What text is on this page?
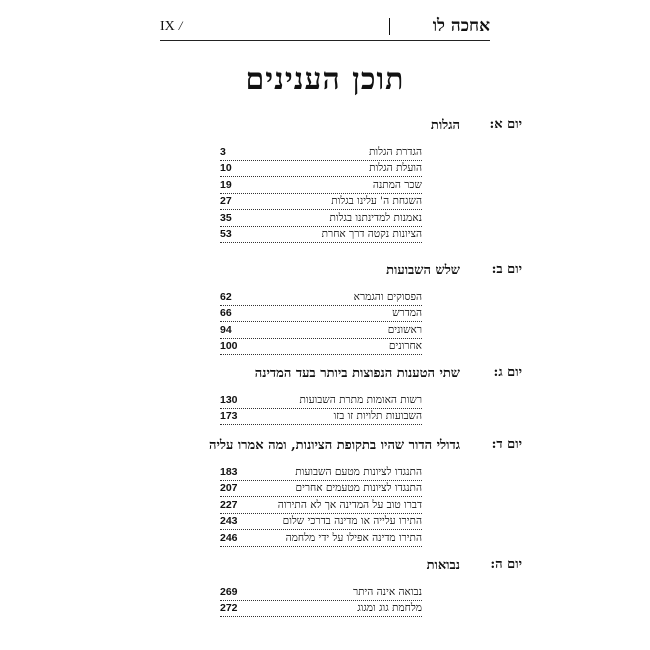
אחכה לו
IX /
תוכן הענינים
יום א:
הגלות
הגדרת הגלות
3
הועלת הגלות
10
שכר המתנה
19
השגחת ה' עלינו בגלות
27
נאמנות למדינתנו בגלות
35
הציונות נקטה דרך אחרת
53
יום ב:
שלש השבועות
הפסוקים והגמרא
62
המדרש
66
ראשונים
94
אחרונים
100
יום ג:
שתי הטענות הנפוצות ביותר בעד המדינה
רשות האומות מתרת השבועות
130
השבועות תלויות זו בזו
173
יום ד:
גדולי הדור שהיו בתקופת הציונות, ומה אמרו עליה
התנגדו לציונות מטעם השבועות
183
התנגדו לציונות מטעמים אחרים
207
דברו טוב על המדינה אך לא התירוה
227
התירו עלייה או מדינה בדרכי שלום
243
התירו מדינה אפילו על ידי מלחמה
246
יום ה:
נבואות
נבואה אינה היתר
269
מלחמת גוג ומגוג
272
